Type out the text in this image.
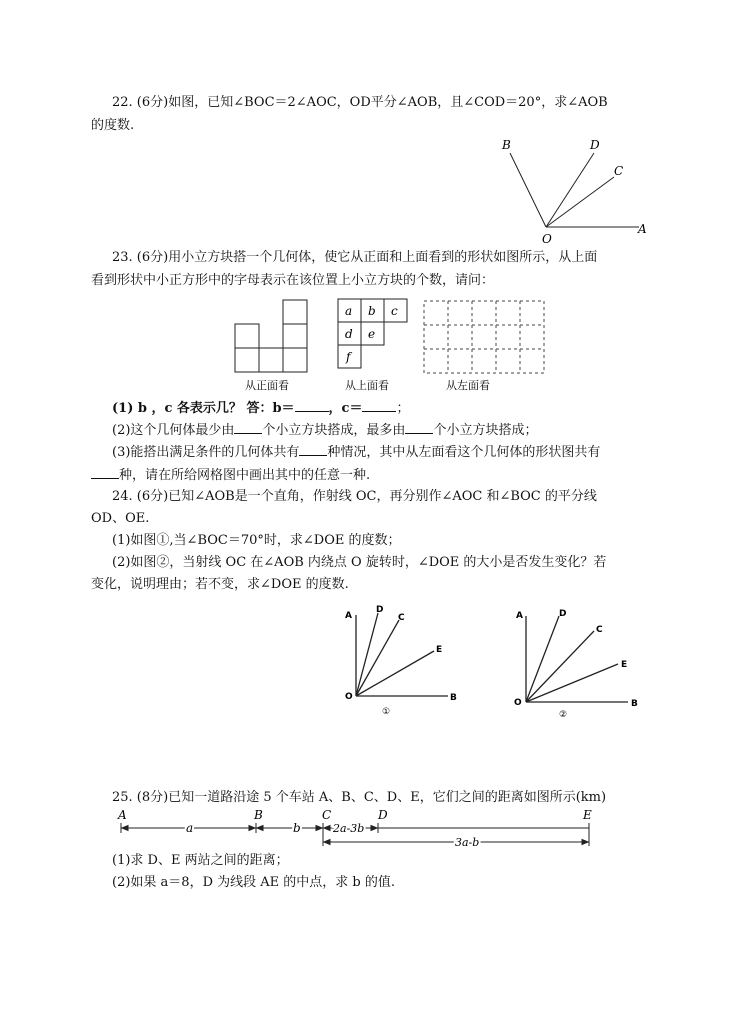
22. (6分)如图，已知∠BOC＝2∠AOC，OD平分∠AOB，且∠COD＝20°，求∠AOB
的度数.
B	D
C
A
O
a b c
d e
f
从正面看	从上面看	从左面看
A
D
C
E
O	B
①
A	D
C
E
O	B
②
A	B	C	D	E
a	b	2a-3b
3a-b
23. (6分)用小立方块搭一个几何体，使它从正面和上面看到的形状如图所示，从上面
看到形状中小正方形中的字母表示在该位置上小立方块的个数，请问：
(1) b ，c 各表示几？ 答：b＝	，c＝	；
(2)这个几何体最少由 个小立方块搭成，最多由 个小立方块搭成；
(3)能搭出满足条件的几何体共有 种情况，其中从左面看这个几何体的形状图共有
种，请在所给网格图中画出其中的任意一种.
24. (6分)已知∠AOB是一个直角，作射线 OC，再分别作∠AOC 和∠BOC 的平分线
OD、OE.
(1)如图①,当∠BOC＝70°时，求∠DOE 的度数；
(2)如图②，当射线 OC 在∠AOB 内绕点 O 旋转时，∠DOE 的大小是否发生变化？若
变化，说明理由；若不变，求∠DOE 的度数.
25. (8分)已知一道路沿途 5 个车站 A、B、C、D、E，它们之间的距离如图所示(km)
(1)求 D、E 两站之间的距离；
(2)如果 a＝8，D 为线段 AE 的中点，求 b 的值.
